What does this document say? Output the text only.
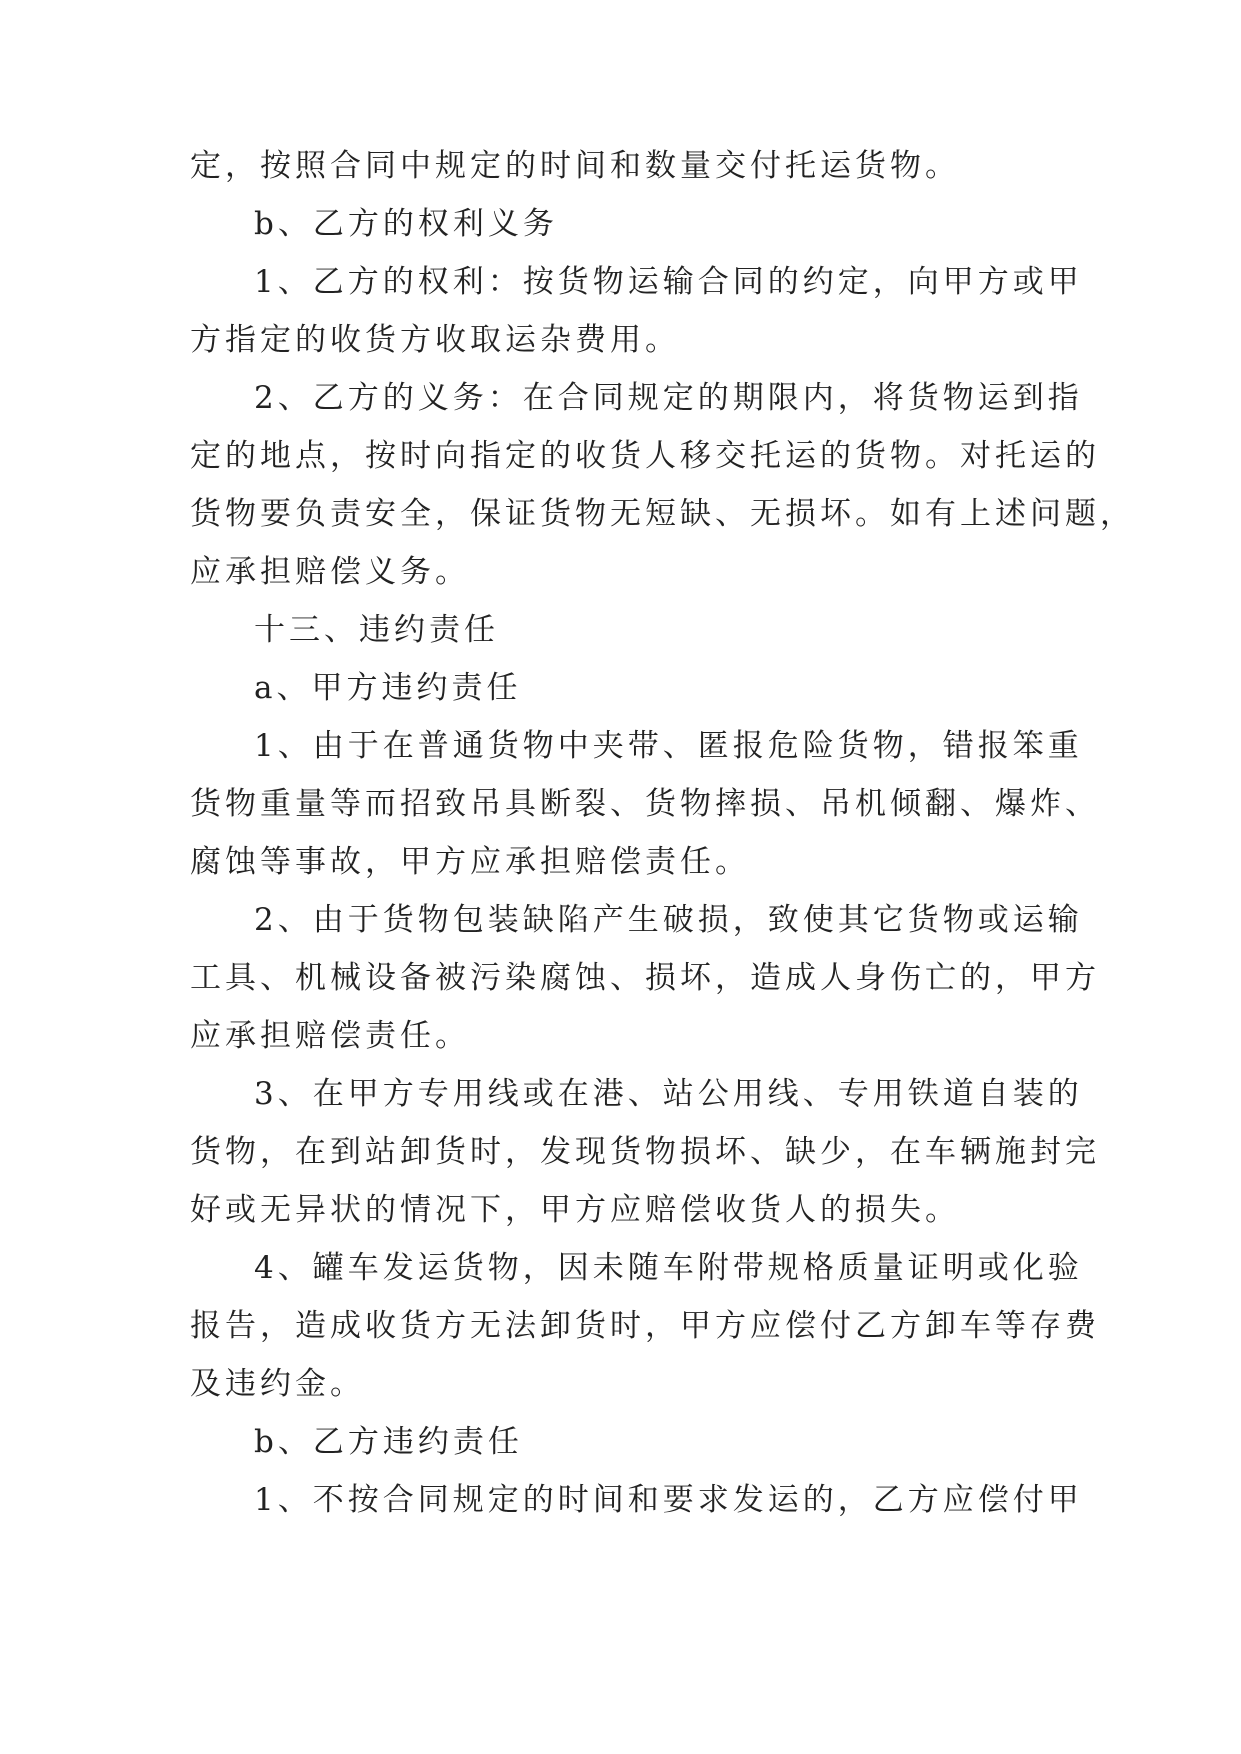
定，按照合同中规定的时间和数量交付托运货物。
b、乙方的权利义务
1、乙方的权利：按货物运输合同的约定，向甲方或甲
方指定的收货方收取运杂费用。
2、乙方的义务：在合同规定的期限内，将货物运到指
定的地点，按时向指定的收货人移交托运的货物。对托运的
货物要负责安全，保证货物无短缺、无损坏。如有上述问题，
应承担赔偿义务。
十三、违约责任
a、甲方违约责任
1、由于在普通货物中夹带、匿报危险货物，错报笨重
货物重量等而招致吊具断裂、货物摔损、吊机倾翻、爆炸、
腐蚀等事故，甲方应承担赔偿责任。
2、由于货物包装缺陷产生破损，致使其它货物或运输
工具、机械设备被污染腐蚀、损坏，造成人身伤亡的，甲方
应承担赔偿责任。
3、在甲方专用线或在港、站公用线、专用铁道自装的
货物，在到站卸货时，发现货物损坏、缺少，在车辆施封完
好或无异状的情况下，甲方应赔偿收货人的损失。
4、罐车发运货物，因未随车附带规格质量证明或化验
报告，造成收货方无法卸货时，甲方应偿付乙方卸车等存费
及违约金。
b、乙方违约责任
1、不按合同规定的时间和要求发运的，乙方应偿付甲
